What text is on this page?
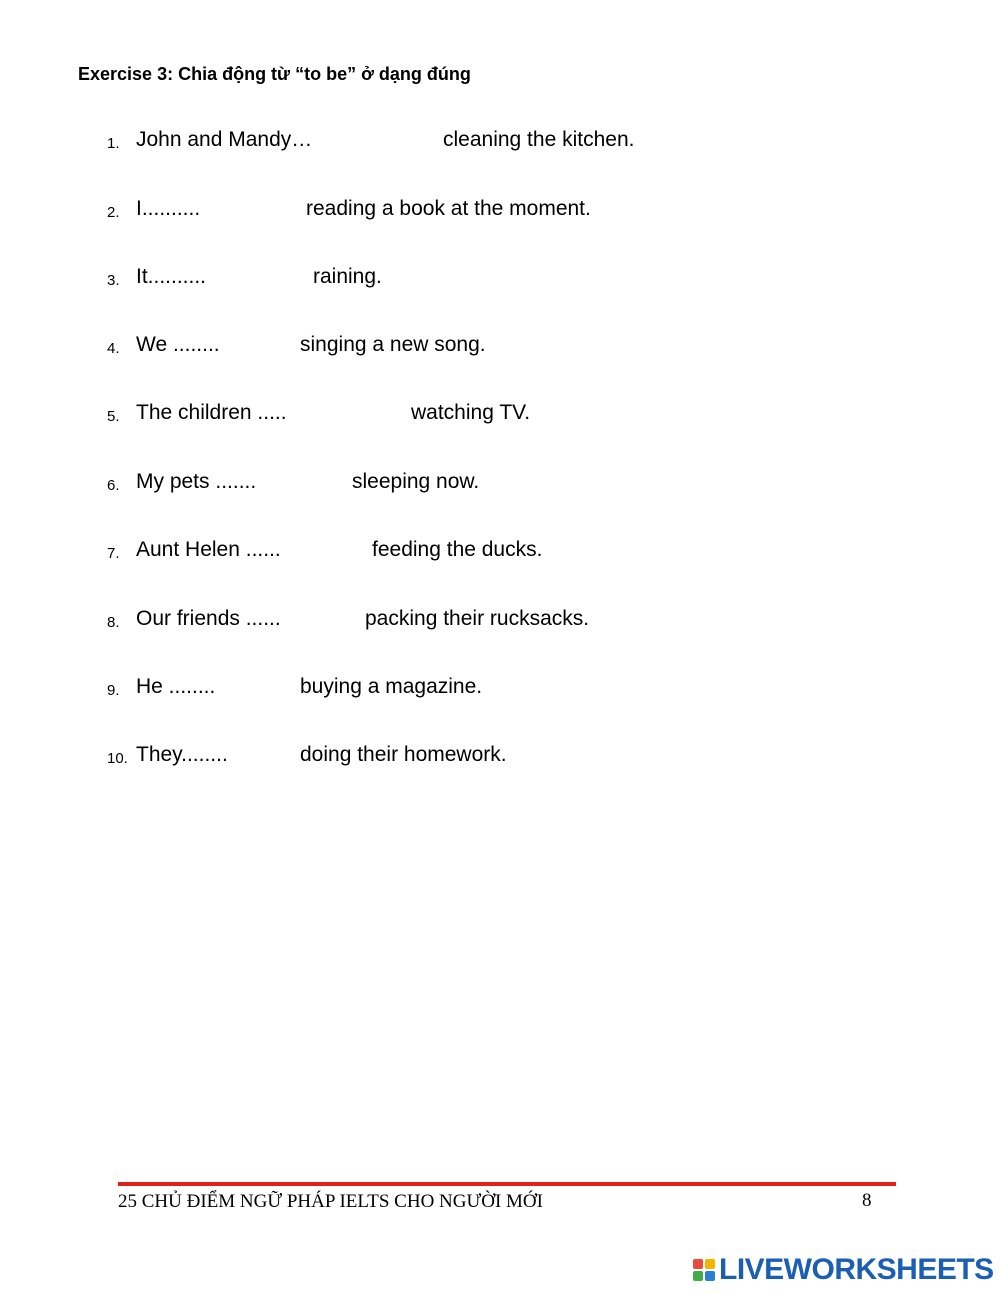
Exercise 3: Chia động từ “to be” ở dạng đúng
1. John and Mandy…	cleaning the kitchen.
2. I..........	reading a book at the moment.
3. It..........	raining.
4. We ........	singing a new song.
5. The children .....	watching TV.
6. My pets .......	sleeping now.
7. Aunt Helen ......	feeding the ducks.
8. Our friends ......	packing their rucksacks.
9. He ........	buying a magazine.
10. They........	doing their homework.
25 CHỦ ĐIỂM NGỮ PHÁP IELTS CHO NGƯỜI MỚI	8
LIVEWORKSHEETS
